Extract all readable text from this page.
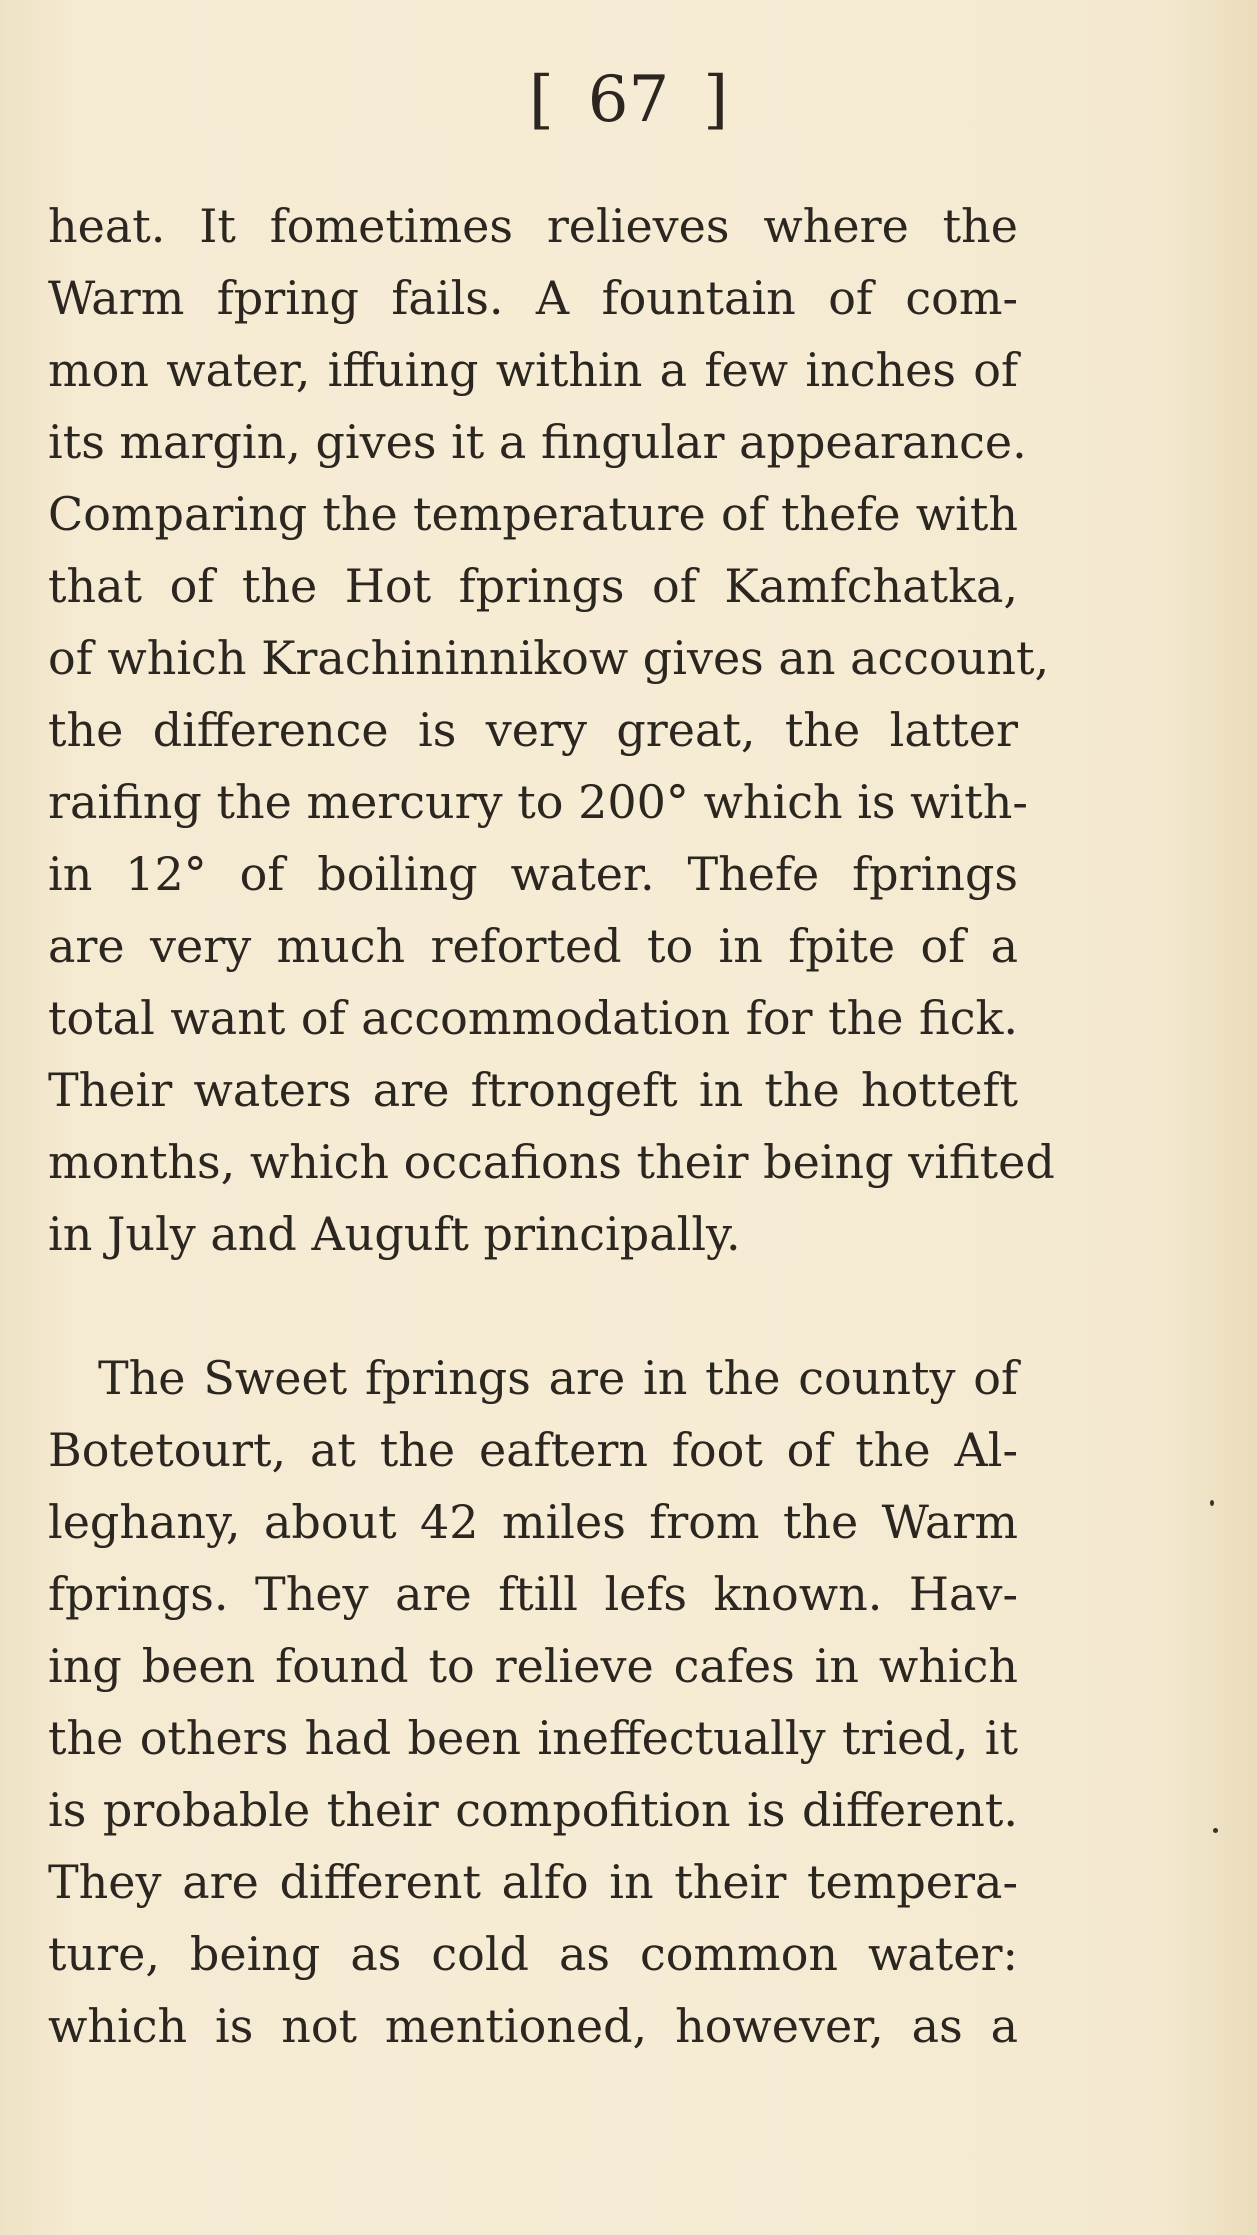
[ 67 ]
heat. It fometimes relieves where the
Warm fpring fails. A fountain of com-
mon water, iffuing within a few inches of
its margin, gives it a fingular appearance.
Comparing the temperature of thefe with
that of the Hot fprings of Kamfchatka,
of which Krachininnikow gives an account,
the difference is very great, the latter
raifing the mercury to 200° which is with-
in 12° of boiling water. Thefe fprings
are very much reforted to in fpite of a
total want of accommodation for the fick.
Their waters are ftrongeft in the hotteft
months, which occafions their being vifited
in July and Auguft principally.
The Sweet fprings are in the county of
Botetourt, at the eaftern foot of the Al-
leghany, about 42 miles from the Warm
fprings. They are ftill lefs known. Hav-
ing been found to relieve cafes in which
the others had been ineffectually tried, it
is probable their compofition is different.
They are different alfo in their tempera-
ture, being as cold as common water:
which is not mentioned, however, as a
